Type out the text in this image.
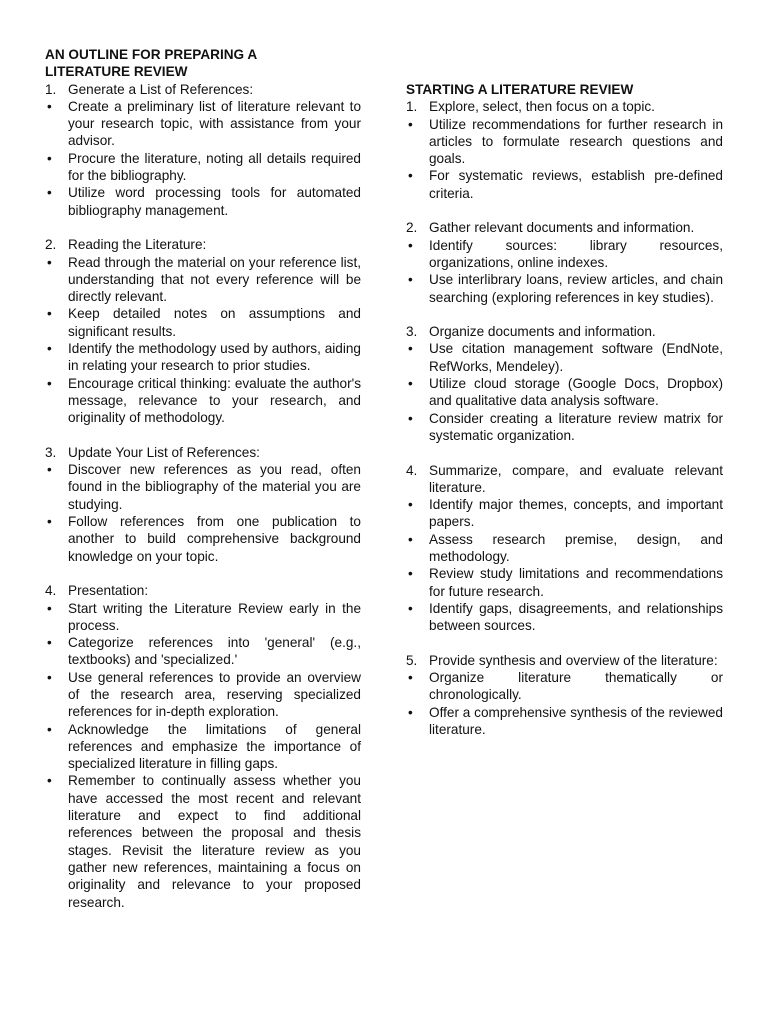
AN OUTLINE FOR PREPARING A
LITERATURE REVIEW

1. Generate a List of References:
• Create a preliminary list of literature relevant to your research topic, with assistance from your advisor.
• Procure the literature, noting all details required for the bibliography.
• Utilize word processing tools for automated bibliography management.
2. Reading the Literature:
• Read through the material on your reference list, understanding that not every reference will be directly relevant.
• Keep detailed notes on assumptions and significant results.
• Identify the methodology used by authors, aiding in relating your research to prior studies.
• Encourage critical thinking: evaluate the author's message, relevance to your research, and originality of methodology.
3. Update Your List of References:
• Discover new references as you read, often found in the bibliography of the material you are studying.
• Follow references from one publication to another to build comprehensive background knowledge on your topic.
4. Presentation:
• Start writing the Literature Review early in the process.
• Categorize references into 'general' (e.g., textbooks) and 'specialized.'
• Use general references to provide an overview of the research area, reserving specialized references for in-depth exploration.
• Acknowledge the limitations of general references and emphasize the importance of specialized literature in filling gaps.
• Remember to continually assess whether you have accessed the most recent and relevant literature and expect to find additional references between the proposal and thesis stages. Revisit the literature review as you gather new references, maintaining a focus on originality and relevance to your proposed research.

STARTING A LITERATURE REVIEW

1. Explore, select, then focus on a topic.
• Utilize recommendations for further research in articles to formulate research questions and goals.
• For systematic reviews, establish pre-defined criteria.
2. Gather relevant documents and information.
• Identify sources: library resources, organizations, online indexes.
• Use interlibrary loans, review articles, and chain searching (exploring references in key studies).
3. Organize documents and information.
• Use citation management software (EndNote, RefWorks, Mendeley).
• Utilize cloud storage (Google Docs, Dropbox) and qualitative data analysis software.
• Consider creating a literature review matrix for systematic organization.
4. Summarize, compare, and evaluate relevant literature.
• Identify major themes, concepts, and important papers.
• Assess research premise, design, and methodology.
• Review study limitations and recommendations for future research.
• Identify gaps, disagreements, and relationships between sources.
5. Provide synthesis and overview of the literature:
• Organize literature thematically or chronologically.
• Offer a comprehensive synthesis of the reviewed literature.
